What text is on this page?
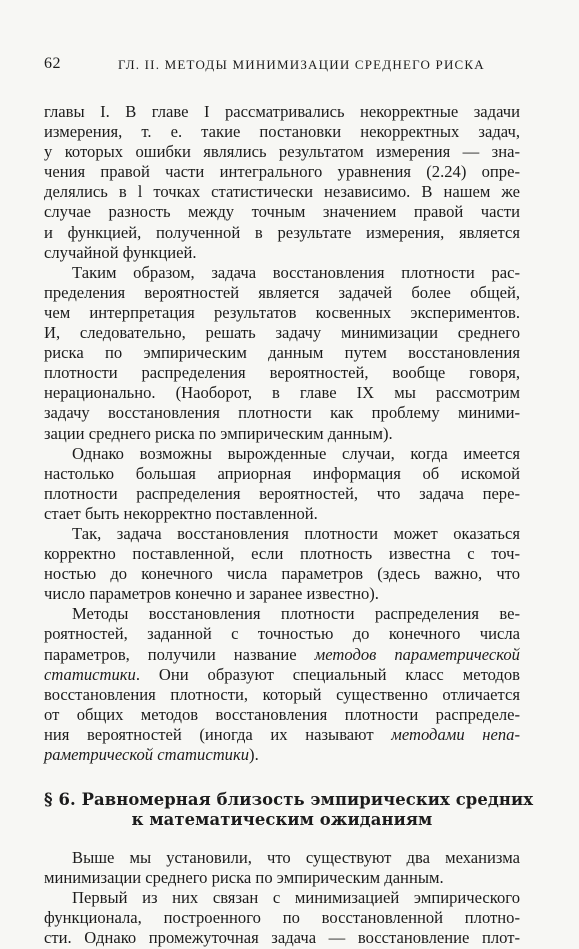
62	ГЛ. II. МЕТОДЫ МИНИМИЗАЦИИ СРЕДНЕГО РИСКА
главы I. В главе I рассматривались некорректные задачи
измерения, т. е. такие постановки некорректных задач,
у которых ошибки являлись результатом измерения — зна-
чения правой части интегрального уравнения (2.24) опре-
делялись в l точках статистически независимо. В нашем же
случае разность между точным значением правой части
и функцией, полученной в результате измерения, является
случайной функцией.
Таким образом, задача восстановления плотности рас-
пределения вероятностей является задачей более общей,
чем интерпретация результатов косвенных экспериментов.
И, следовательно, решать задачу минимизации среднего
риска по эмпирическим данным путем восстановления
плотности распределения вероятностей, вообще говоря,
нерационально. (Наоборот, в главе IX мы рассмотрим
задачу восстановления плотности как проблему миними-
зации среднего риска по эмпирическим данным).
Однако возможны вырожденные случаи, когда имеется
настолько большая априорная информация об искомой
плотности распределения вероятностей, что задача пере-
стает быть некорректно поставленной.
Так, задача восстановления плотности может оказаться
корректно поставленной, если плотность известна с точ-
ностью до конечного числа параметров (здесь важно, что
число параметров конечно и заранее известно).
Методы восстановления плотности распределения ве-
роятностей, заданной с точностью до конечного числа
параметров, получили название методов параметрической
статистики. Они образуют специальный класс методов
восстановления плотности, который существенно отличается
от общих методов восстановления плотности распределе-
ния вероятностей (иногда их называют методами непа-
раметрической статистики).
§ 6. Равномерная близость эмпирических средних
к математическим ожиданиям
Выше мы установили, что существуют два механизма
минимизации среднего риска по эмпирическим данным.
Первый из них связан с минимизацией эмпирического
функционала, построенного по восстановленной плотно-
сти. Однако промежуточная задача — восстановление плот-
